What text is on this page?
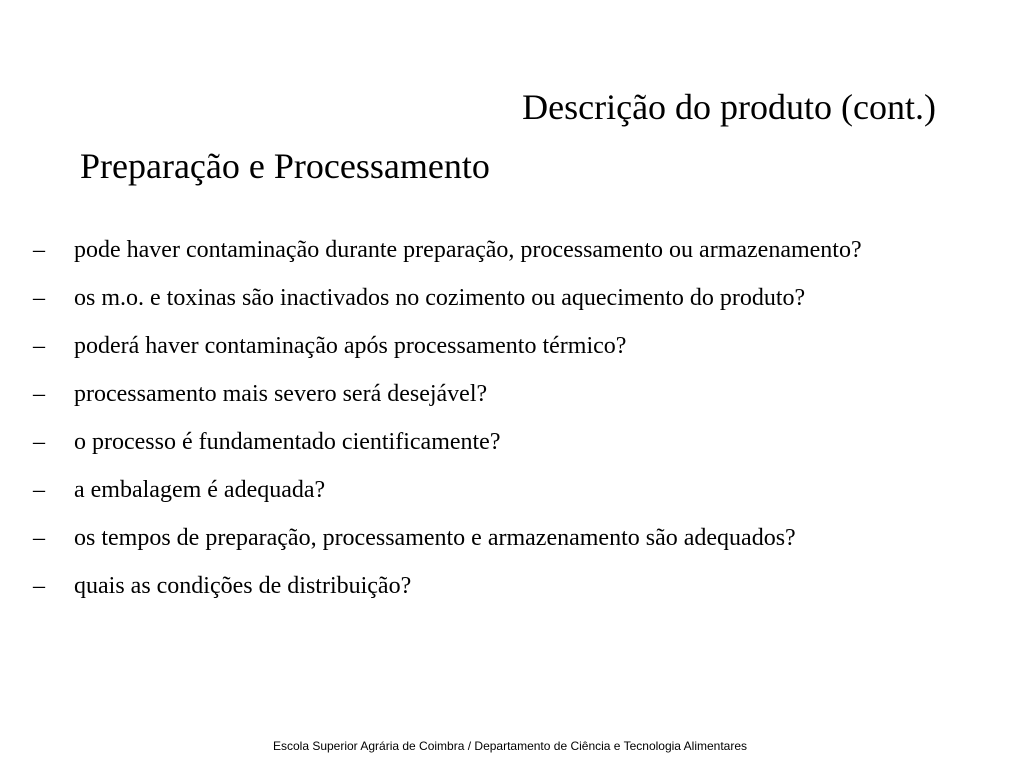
Descrição do produto (cont.)
Preparação e Processamento
– pode haver contaminação durante preparação, processamento ou armazenamento?
– os m.o. e toxinas são inactivados no cozimento ou aquecimento do produto?
– poderá haver contaminação após processamento térmico?
– processamento mais severo será desejável?
– o processo é fundamentado cientificamente?
– a embalagem é adequada?
– os tempos de preparação, processamento e armazenamento são adequados?
– quais as condições de distribuição?
Escola Superior Agrária de Coimbra / Departamento de Ciência e Tecnologia Alimentares
